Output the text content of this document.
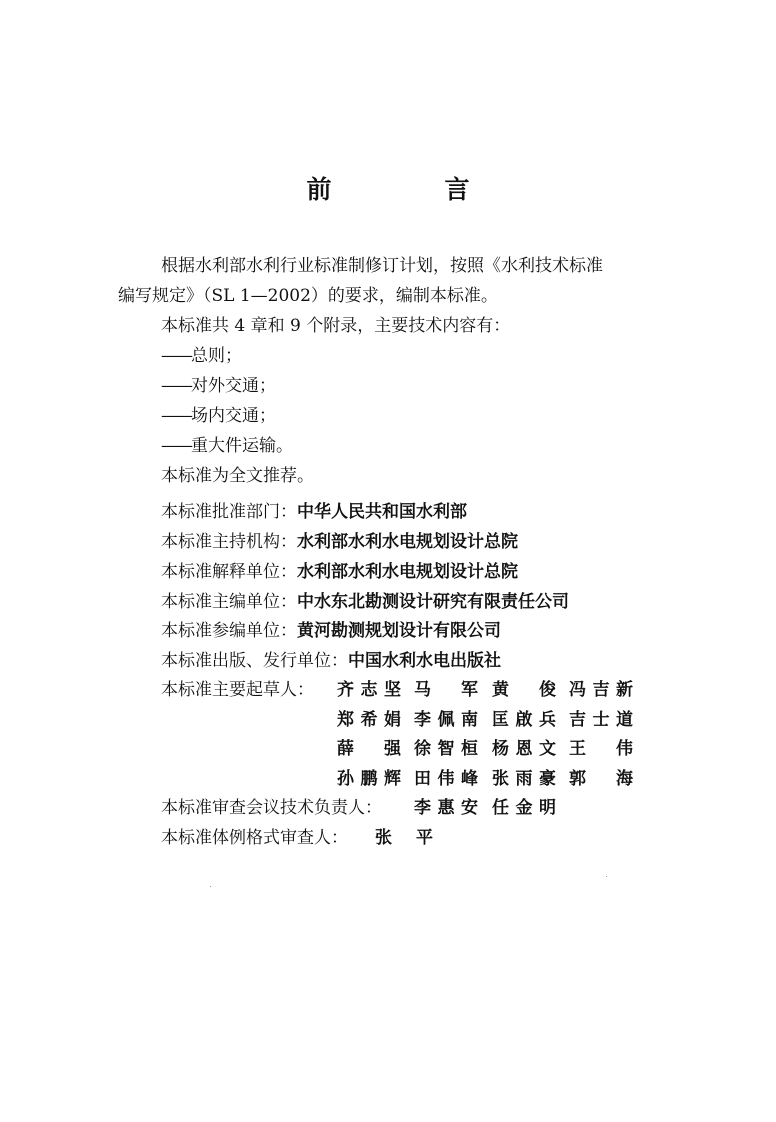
前　言
根据水利部水利行业标准制修订计划，按照《水利技术标准
编写规定》（SL 1—2002）的要求，编制本标准。
本标准共 4 章和 9 个附录，主要技术内容有：
——总则；
——对外交通；
——场内交通；
——重大件运输。
本标准为全文推荐。
本标准批准部门：中华人民共和国水利部
本标准主持机构：水利部水利水电规划设计总院
本标准解释单位：水利部水利水电规划设计总院
本标准主编单位：中水东北勘测设计研究有限责任公司
本标准参编单位：黄河勘测规划设计有限公司
本标准出版、发行单位：中国水利水电出版社
本标准主要起草人： 齐志坚 马　军 黄　俊 冯吉新
郑希娟 李佩南 匡啟兵 吉士道
薛　强 徐智桓 杨恩文 王　伟
孙鹏辉 田伟峰 张雨豪 郭　海
本标准审查会议技术负责人： 李惠安 任金明
本标准体例格式审查人： 张　平
